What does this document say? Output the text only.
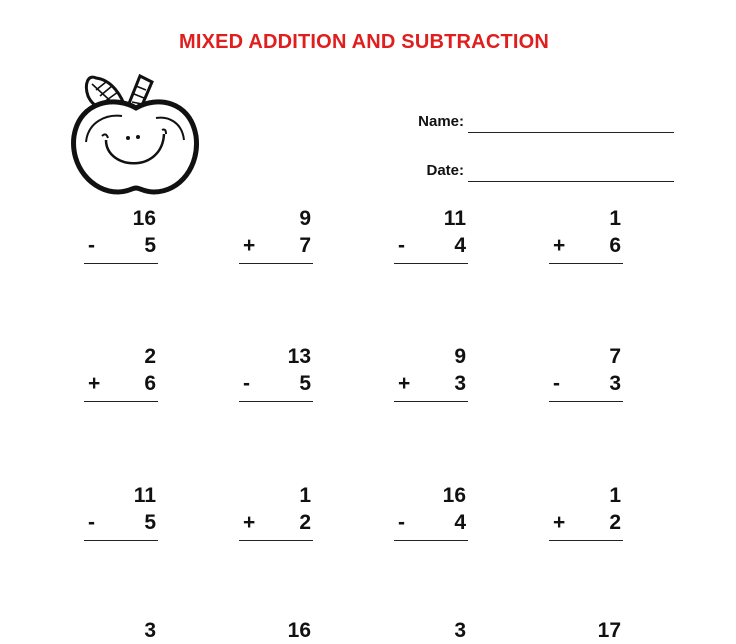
MIXED ADDITION AND SUBTRACTION
Name:
Date:
16
- 5
9
+ 7
11
- 4
1
+ 6
2
+ 6
13
- 5
9
+ 3
7
- 3
11
- 5
1
+ 2
16
- 4
1
+ 2
3	16	3	17
